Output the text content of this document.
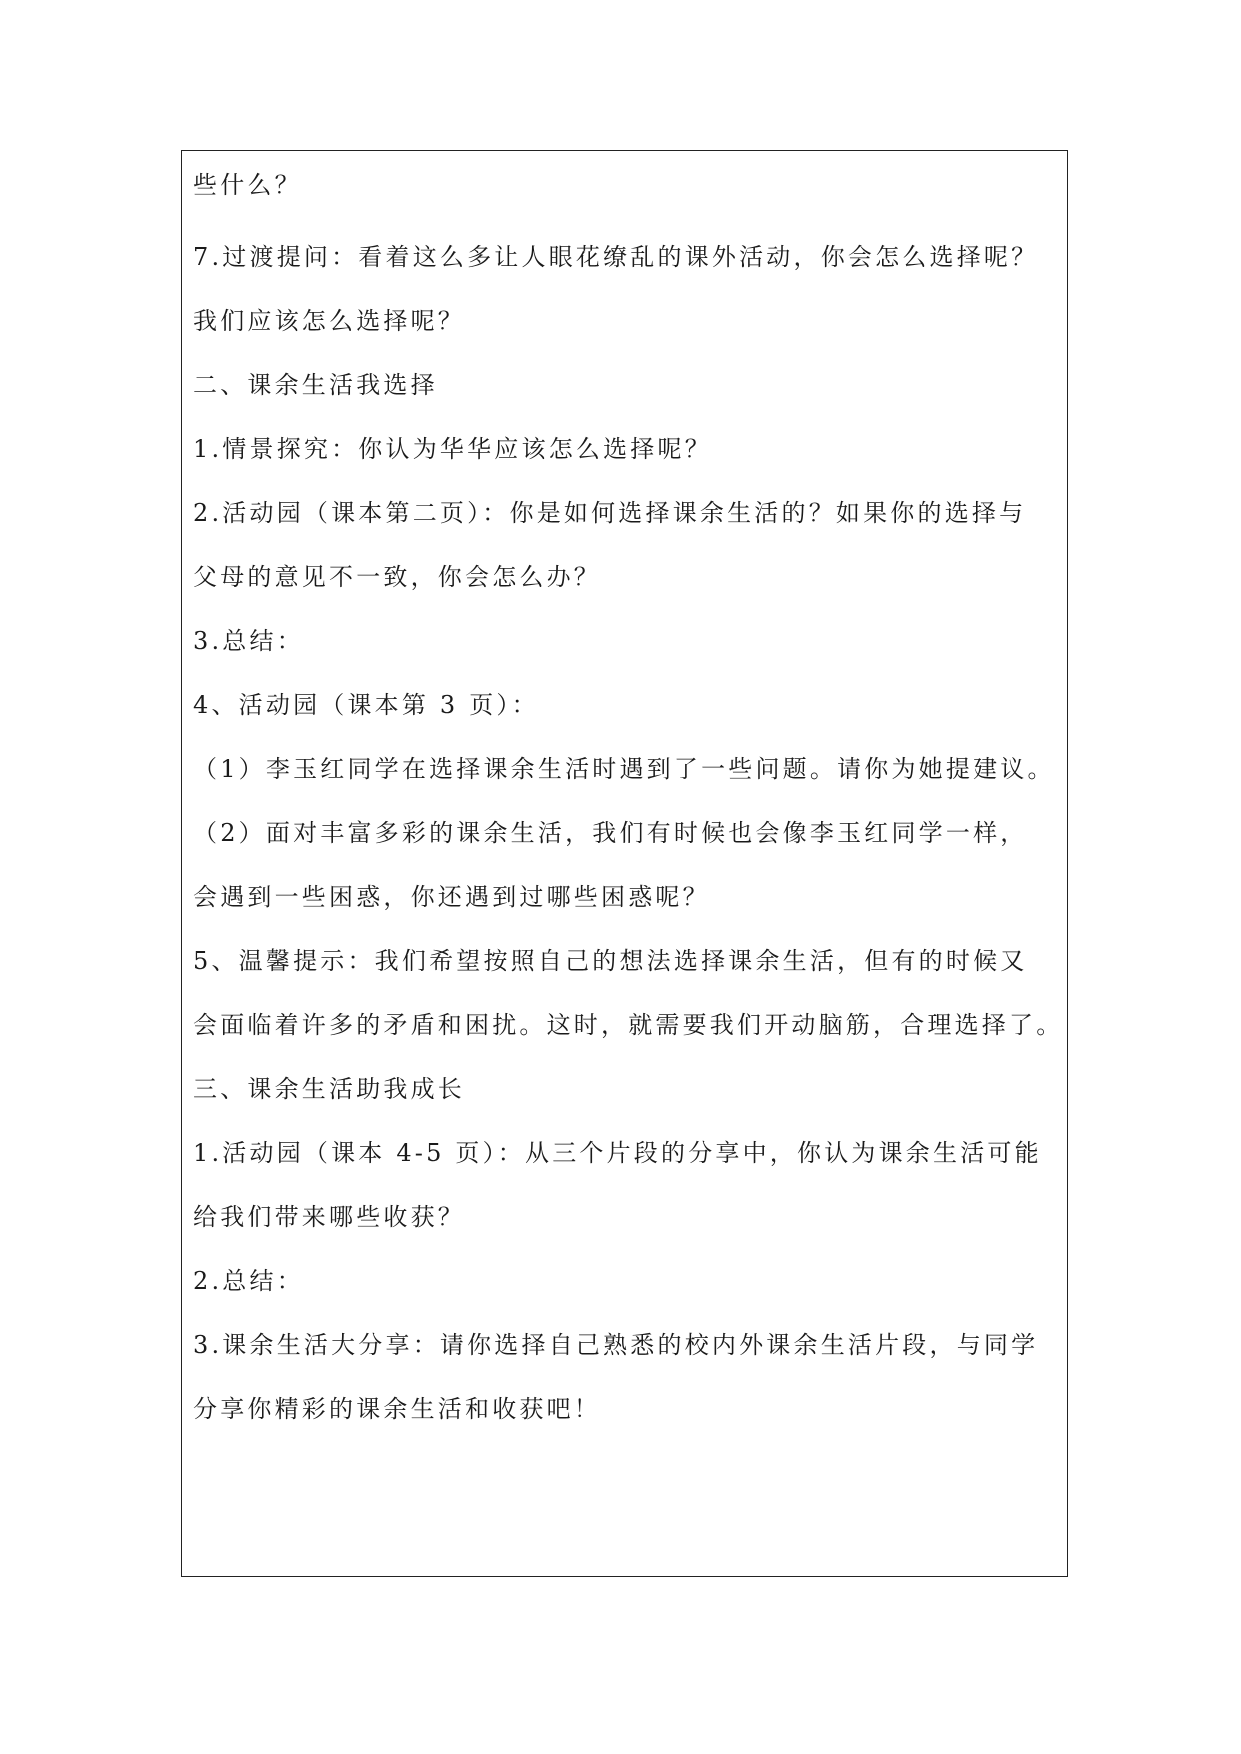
些什么？
7.过渡提问：看着这么多让人眼花缭乱的课外活动，你会怎么选择呢？
我们应该怎么选择呢？
二、课余生活我选择
1.情景探究：你认为华华应该怎么选择呢？
2.活动园（课本第二页）：你是如何选择课余生活的？如果你的选择与
父母的意见不一致，你会怎么办？
3.总结：
4、活动园（课本第 3 页）：
（1）李玉红同学在选择课余生活时遇到了一些问题。请你为她提建议。
（2）面对丰富多彩的课余生活，我们有时候也会像李玉红同学一样，
会遇到一些困惑，你还遇到过哪些困惑呢？
5、温馨提示：我们希望按照自己的想法选择课余生活，但有的时候又
会面临着许多的矛盾和困扰。这时，就需要我们开动脑筋，合理选择了。
三、课余生活助我成长
1.活动园（课本 4-5 页）：从三个片段的分享中，你认为课余生活可能
给我们带来哪些收获？
2.总结：
3.课余生活大分享：请你选择自己熟悉的校内外课余生活片段，与同学
分享你精彩的课余生活和收获吧！
